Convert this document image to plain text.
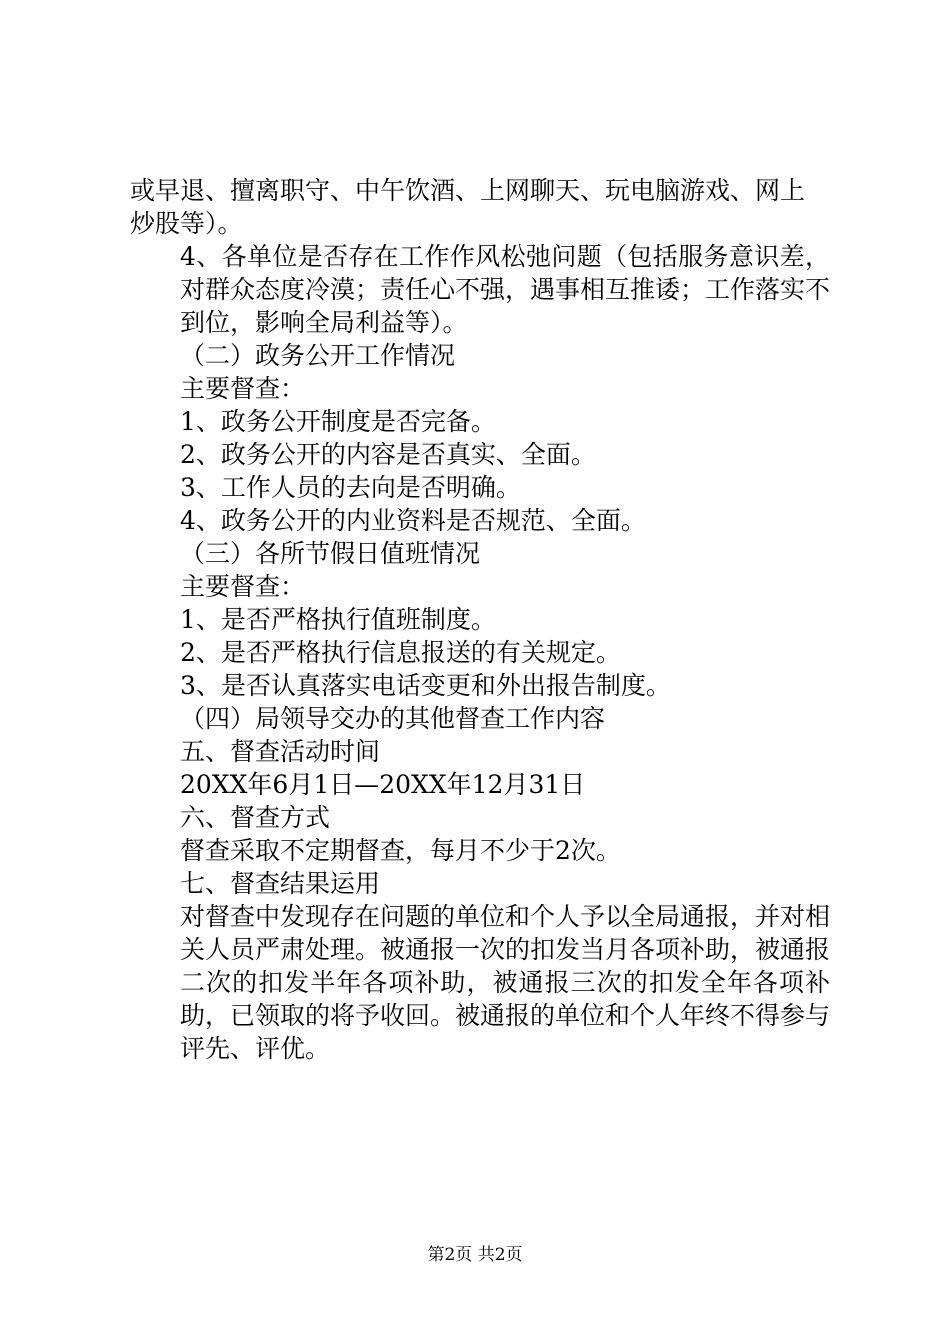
或早退、擅离职守、中午饮酒、上网聊天、玩电脑游戏、网上
炒股等）。
4、各单位是否存在工作作风松弛问题（包括服务意识差，对群众态度冷漠；责任心不强，遇事相互推诿；工作落实不到位，影响全局利益等）。
（二）政务公开工作情况
主要督查：
1、政务公开制度是否完备。
2、政务公开的内容是否真实、全面。
3、工作人员的去向是否明确。
4、政务公开的内业资料是否规范、全面。
（三）各所节假日值班情况
主要督查：
1、是否严格执行值班制度。
2、是否严格执行信息报送的有关规定。
3、是否认真落实电话变更和外出报告制度。
（四）局领导交办的其他督查工作内容
五、督查活动时间
20XX年6月1日—20XX年12月31日
六、督查方式
督查采取不定期督查，每月不少于2次。
七、督查结果运用
对督查中发现存在问题的单位和个人予以全局通报，并对相关人员严肃处理。被通报一次的扣发当月各项补助，被通报二次的扣发半年各项补助，被通报三次的扣发全年各项补助，已领取的将予收回。被通报的单位和个人年终不得参与评先、评优。
第2页 共2页
